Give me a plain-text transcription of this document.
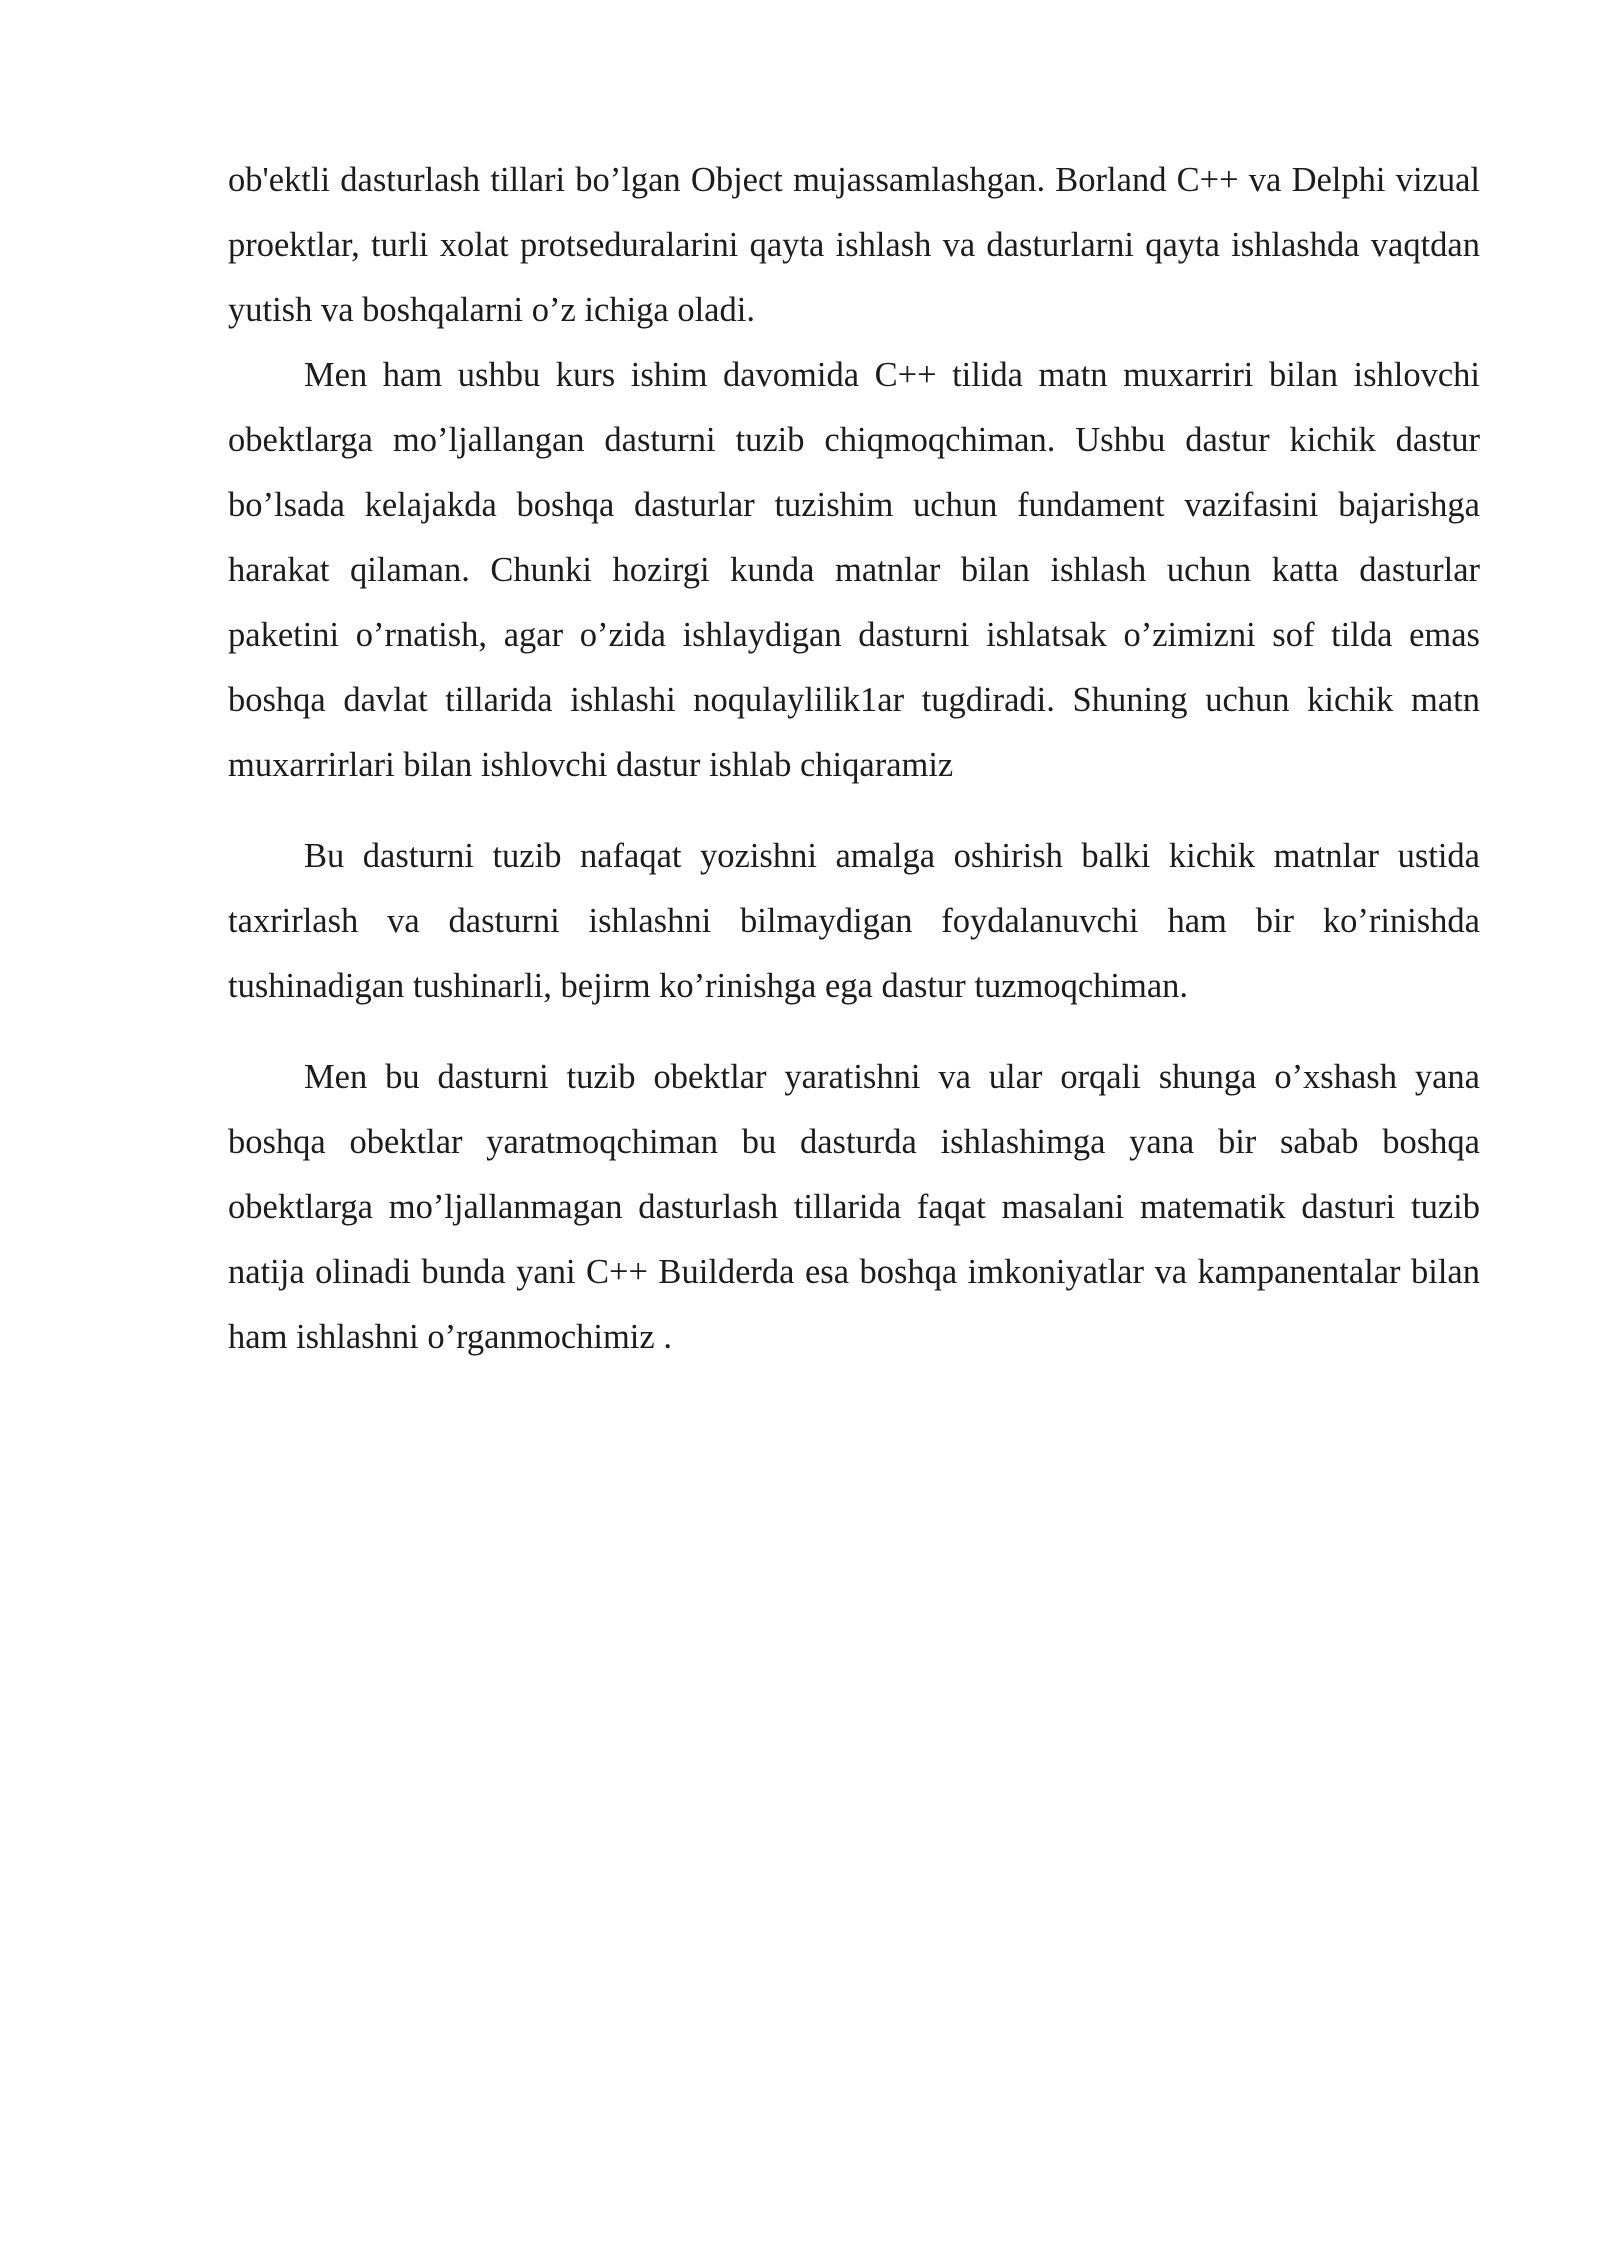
ob'ektli dasturlash tillari bo’lgan Object mujassamlashgan. Borland C++ va Delphi vizual proektlar, turli xolat protseduralarini qayta ishlash va dasturlarni qayta ishlashda vaqtdan yutish va boshqalarni o’z ichiga oladi.

Men ham ushbu kurs ishim davomida C++ tilida matn muxarriri bilan ishlovchi obektlarga mo’ljallangan dasturni tuzib chiqmoqchiman. Ushbu dastur kichik dastur bo’lsada kelajakda boshqa dasturlar tuzishim uchun fundament vazifasini bajarishga harakat qilaman. Chunki hozirgi kunda matnlar bilan ishlash uchun katta dasturlar paketini o’rnatish, agar o’zida ishlaydigan dasturni ishlatsak o’zimizni sof tilda emas boshqa davlat tillarida ishlashi noqulaylilik1ar tugdiradi. Shuning uchun kichik matn muxarrirlari bilan ishlovchi dastur ishlab chiqaramiz

Bu dasturni tuzib nafaqat yozishni amalga oshirish balki kichik matnlar ustida taxrirlash va dasturni ishlashni bilmaydigan foydalanuvchi ham bir ko’rinishda tushinadigan tushinarli, bejirm ko’rinishga ega dastur tuzmoqchiman.

Men bu dasturni tuzib obektlar yaratishni va ular orqali shunga o’xshash yana boshqa obektlar yaratmoqchiman bu dasturda ishlashimga yana bir sabab boshqa obektlarga mo’ljallanmagan dasturlash tillarida faqat masalani matematik dasturi tuzib natija olinadi bunda yani C++ Builderda esa boshqa imkoniyatlar va kampanentalar bilan ham ishlashni o’rganmochimiz .
